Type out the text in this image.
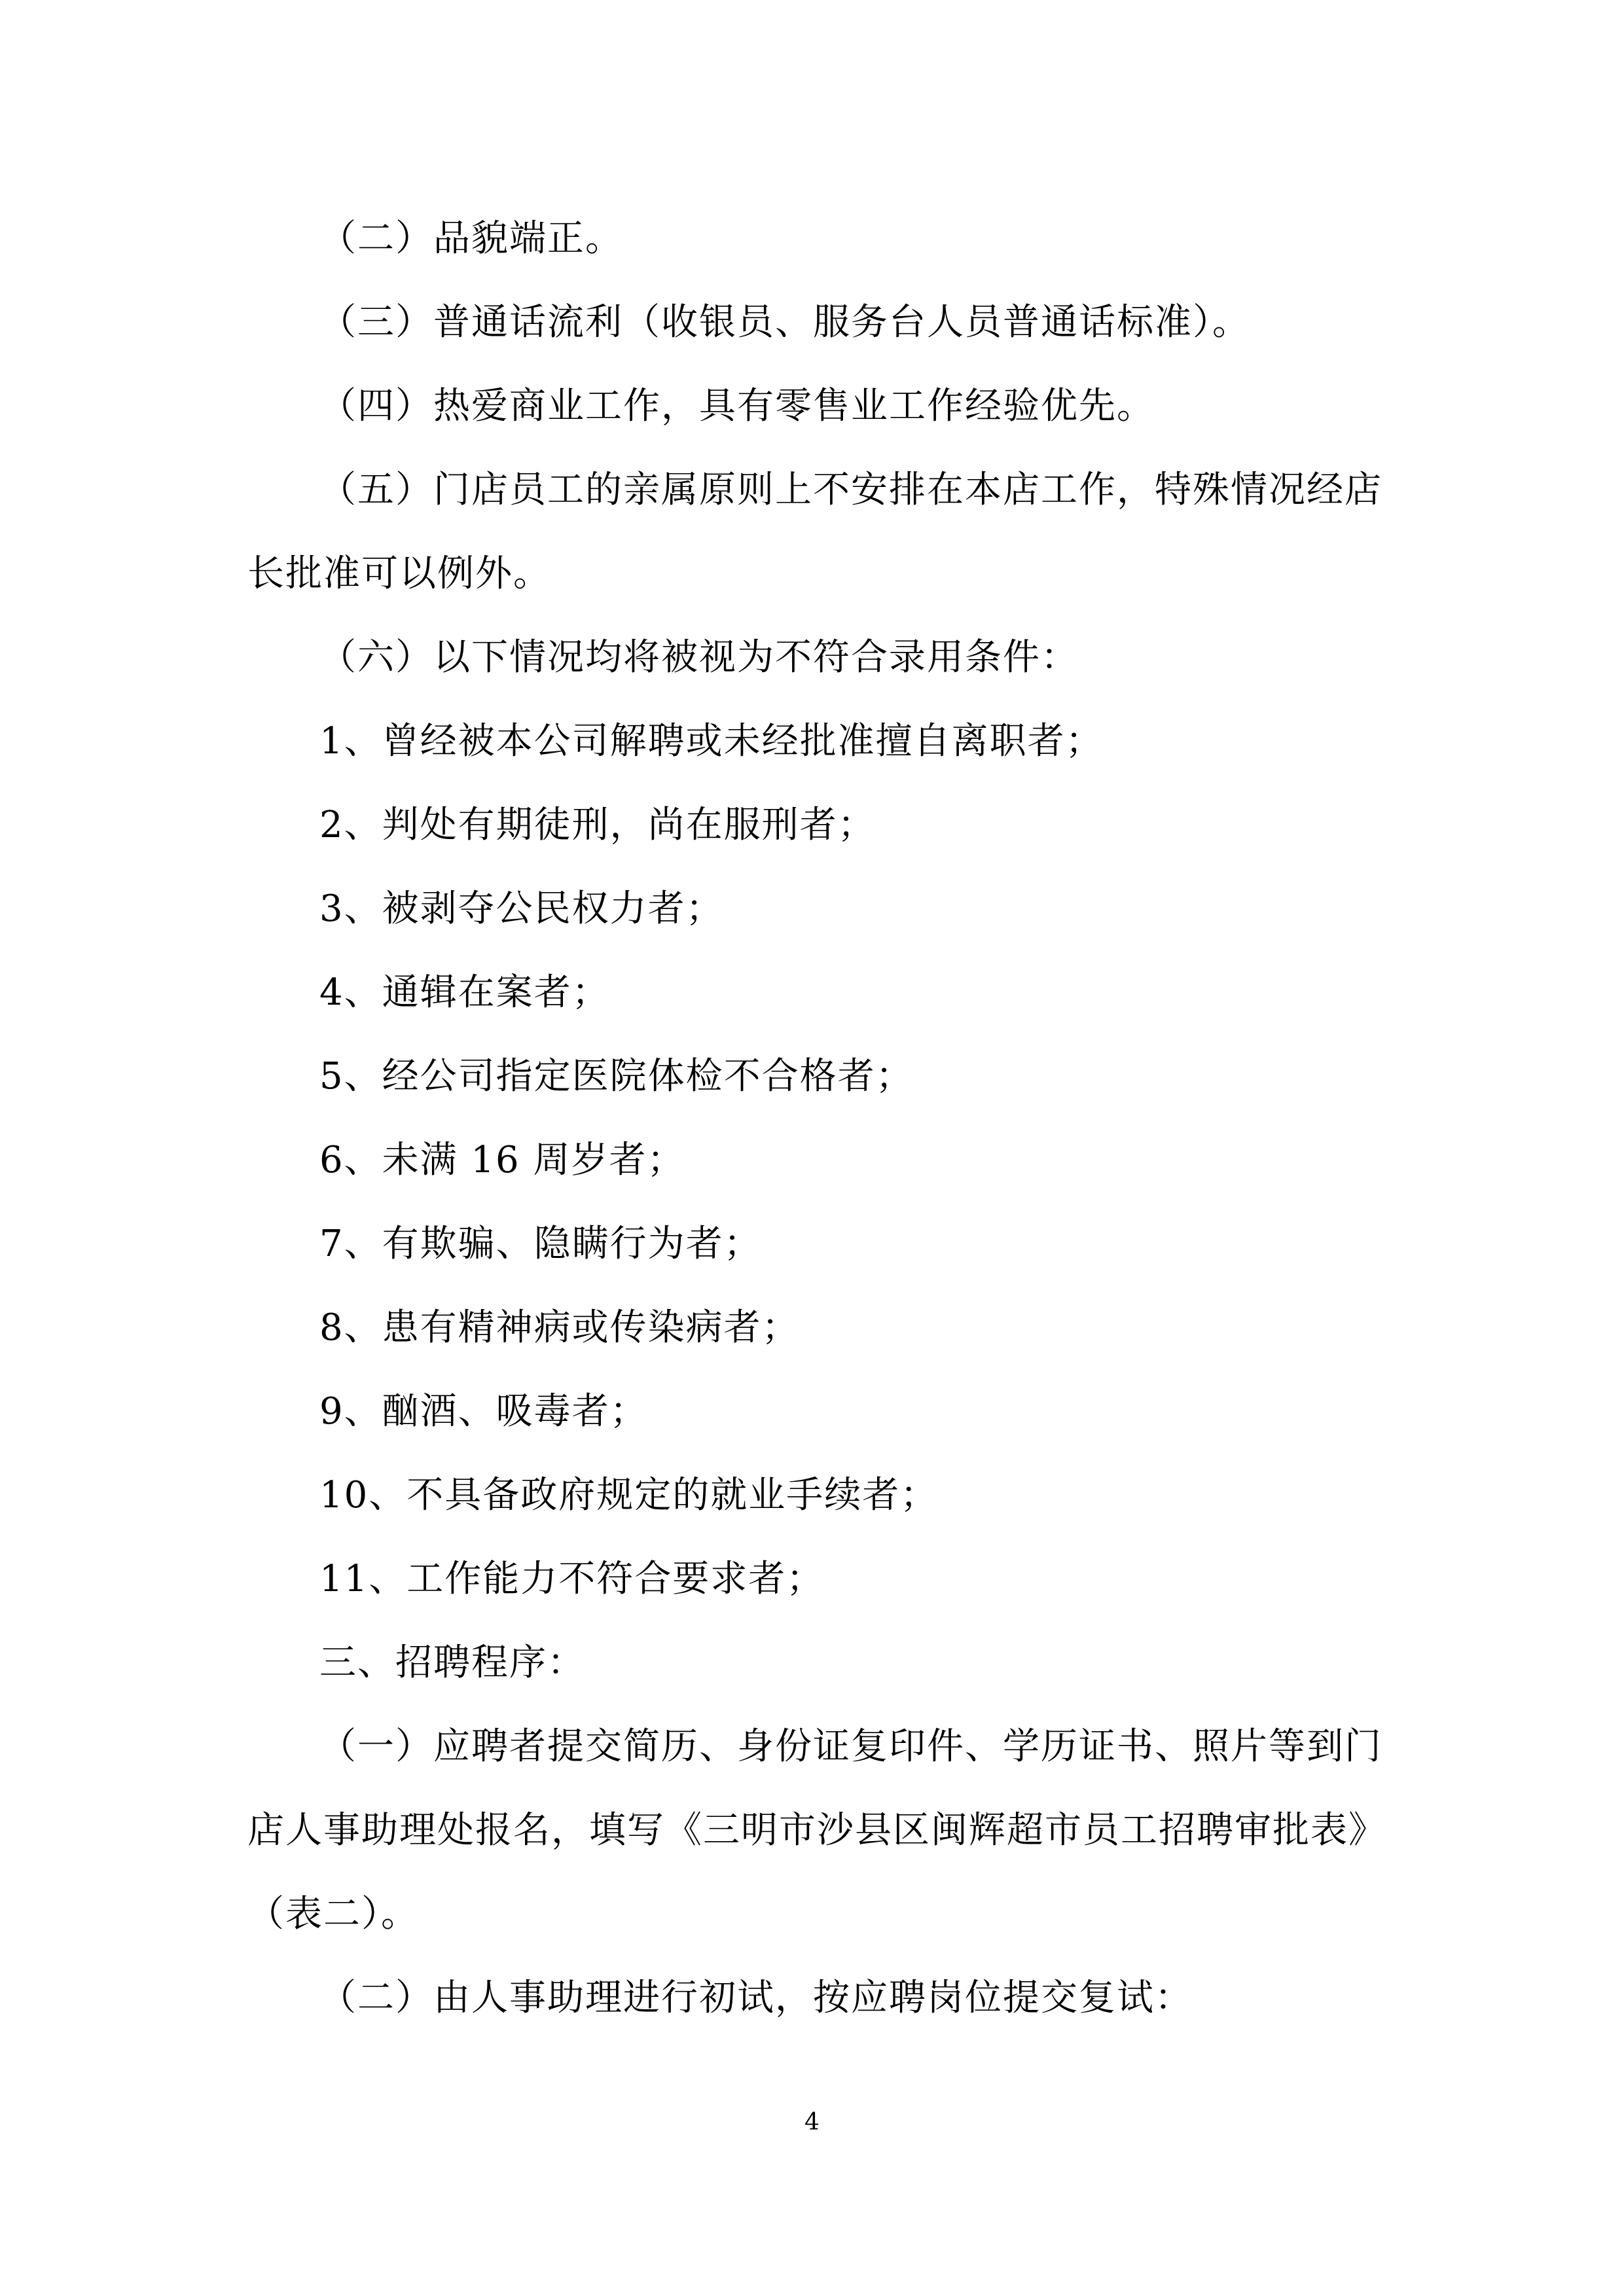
（二）品貌端正。
（三）普通话流利（收银员、服务台人员普通话标准）。
（四）热爱商业工作，具有零售业工作经验优先。
（五）门店员工的亲属原则上不安排在本店工作，特殊情况经店
长批准可以例外。
（六）以下情况均将被视为不符合录用条件：
1、曾经被本公司解聘或未经批准擅自离职者；
2、判处有期徒刑，尚在服刑者；
3、被剥夺公民权力者；
4、通辑在案者；
5、经公司指定医院体检不合格者；
6、未满 16 周岁者；
7、有欺骗、隐瞒行为者；
8、患有精神病或传染病者；
9、酗酒、吸毒者；
10、不具备政府规定的就业手续者；
11、工作能力不符合要求者；
三、招聘程序：
（一）应聘者提交简历、身份证复印件、学历证书、照片等到门
店人事助理处报名，填写《三明市沙县区闽辉超市员工招聘审批表》
（表二）。
（二）由人事助理进行初试，按应聘岗位提交复试：
4
